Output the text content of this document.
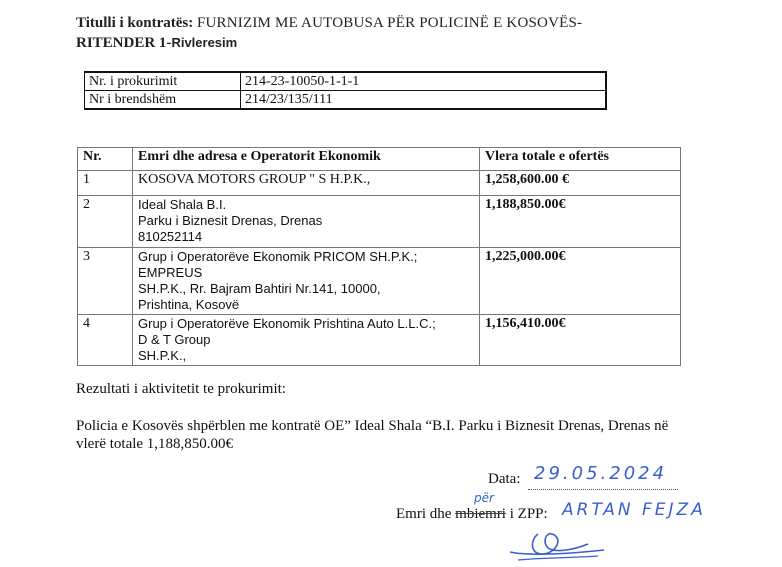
Titulli i kontratës: FURNIZIM ME AUTOBUSA PËR POLICINË E KOSOVËS-
RITENDER 1-Rivleresim
Nr. i prokurimit	214-23-10050-1-1-1
Nr i brendshëm	214/23/135/111
Nr.	Emri dhe adresa e Operatorit Ekonomik	Vlera totale e ofertës
1	KOSOVA MOTORS GROUP " S H.P.K.,	1,258,600.00 €
2	Ideal Shala B.I.
Parku i Biznesit Drenas, Drenas
810252114	1,188,850.00€
3	Grup i Operatorëve Ekonomik PRICOM SH.P.K.;
EMPREUS
SH.P.K., Rr. Bajram Bahtiri Nr.141, 10000,
Prishtina, Kosovë	1,225,000.00€
4	Grup i Operatorëve Ekonomik Prishtina Auto L.L.C.;
D & T Group
SH.P.K.,	1,156,410.00€
Rezultati i aktivitetit te prokurimit:
Policia e Kosovës shpërblen me kontratë OE” Ideal Shala “B.I. Parku i Biznesit Drenas, Drenas në vlerë totale 1,188,850.00€
Data: 29.05.2024
për
Emri dhe mbiemri i ZPP: ARTAN FEJZA
